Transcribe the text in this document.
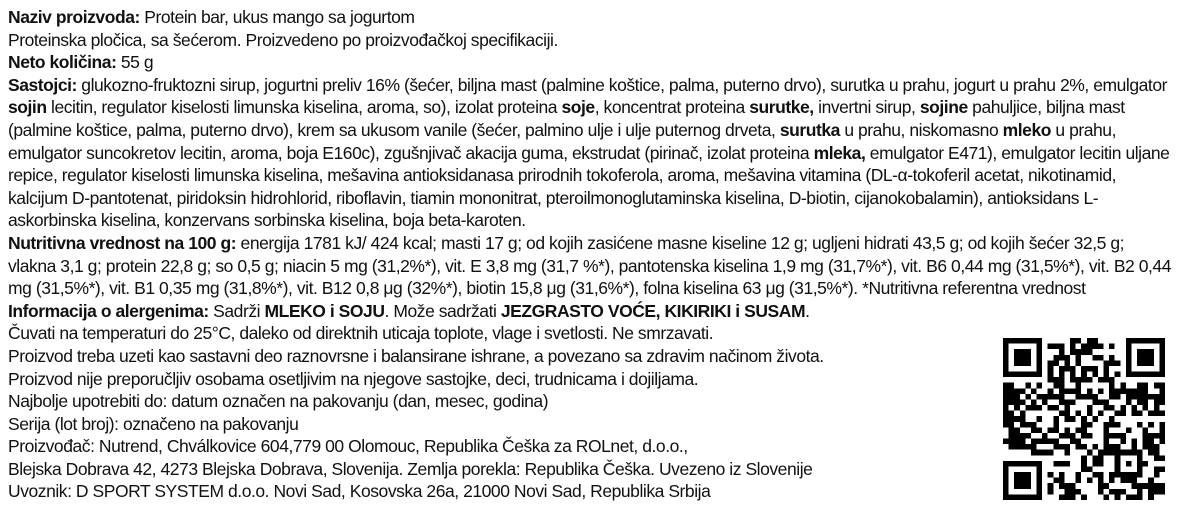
Naziv proizvoda: Protein bar, ukus mango sa jogurtom
Proteinska pločica, sa šećerom. Proizvedeno po proizvođačkoj specifikaciji.
Neto količina: 55 g
Sastojci: glukozno-fruktozni sirup, jogurtni preliv 16% (šećer, biljna mast (palmine koštice, palma, puterno drvo), surutka u prahu, jogurt u prahu 2%, emulgator sojin lecitin, regulator kiselosti limunska kiselina, aroma, so), izolat proteina soje, koncentrat proteina surutke, invertni sirup, sojine pahuljice, biljna mast (palmine koštice, palma, puterno drvo), krem sa ukusom vanile (šećer, palmino ulje i ulje puternog drveta, surutka u prahu, niskomasno mleko u prahu, emulgator suncokretov lecitin, aroma, boja E160c), zgušnjivač akacija guma, ekstrudat (pirinač, izolat proteina mleka, emulgator E471), emulgator lecitin uljane repice, regulator kiselosti limunska kiselina, mešavina antioksidanasa prirodnih tokoferola, aroma, mešavina vitamina (DL-α-tokoferil acetat, nikotinamid, kalcijum D-pantotenat, piridoksin hidrohlorid, riboflavin, tiamin mononitrat, pteroilmonoglutaminska kiselina, D-biotin, cijanokobalamin), antioksidans L-askorbinska kiselina, konzervans sorbinska kiselina, boja beta-karoten.
Nutritivna vrednost na 100 g: energija 1781 kJ/ 424 kcal; masti 17 g; od kojih zasićene masne kiseline 12 g; ugljeni hidrati 43,5 g; od kojih šećer 32,5 g; vlakna 3,1 g; protein 22,8 g; so 0,5 g; niacin 5 mg (31,2%*), vit. E 3,8 mg (31,7 %*), pantotenska kiselina 1,9 mg (31,7%*), vit. B6 0,44 mg (31,5%*), vit. B2 0,44 mg (31,5%*), vit. B1 0,35 mg (31,8%*), vit. B12 0,8 μg (32%*), biotin 15,8 μg (31,6%*), folna kiselina 63 μg (31,5%*). *Nutritivna referentna vrednost
Informacija o alergenima: Sadrži MLEKO i SOJU. Može sadržati JEZGRASTO VOĆE, KIKIRIKI i SUSAM.
Čuvati na temperaturi do 25°C, daleko od direktnih uticaja toplote, vlage i svetlosti. Ne smrzavati.
Proizvod treba uzeti kao sastavni deo raznovrsne i balansirane ishrane, a povezano sa zdravim načinom života.
Proizvod nije preporučljiv osobama osetljivim na njegove sastojke, deci, trudnicama i dojiljama.
Najbolje upotrebiti do: datum označen na pakovanju (dan, mesec, godina)
Serija (lot broj): označeno na pakovanju
Proizvođač: Nutrend, Chválkovice 604,779 00 Olomouc, Republika Češka za ROLnet, d.o.o.,
Blejska Dobrava 42, 4273 Blejska Dobrava, Slovenija. Zemlja porekla: Republika Češka. Uvezeno iz Slovenije
Uvoznik: D SPORT SYSTEM d.o.o. Novi Sad, Kosovska 26a, 21000 Novi Sad, Republika Srbija
